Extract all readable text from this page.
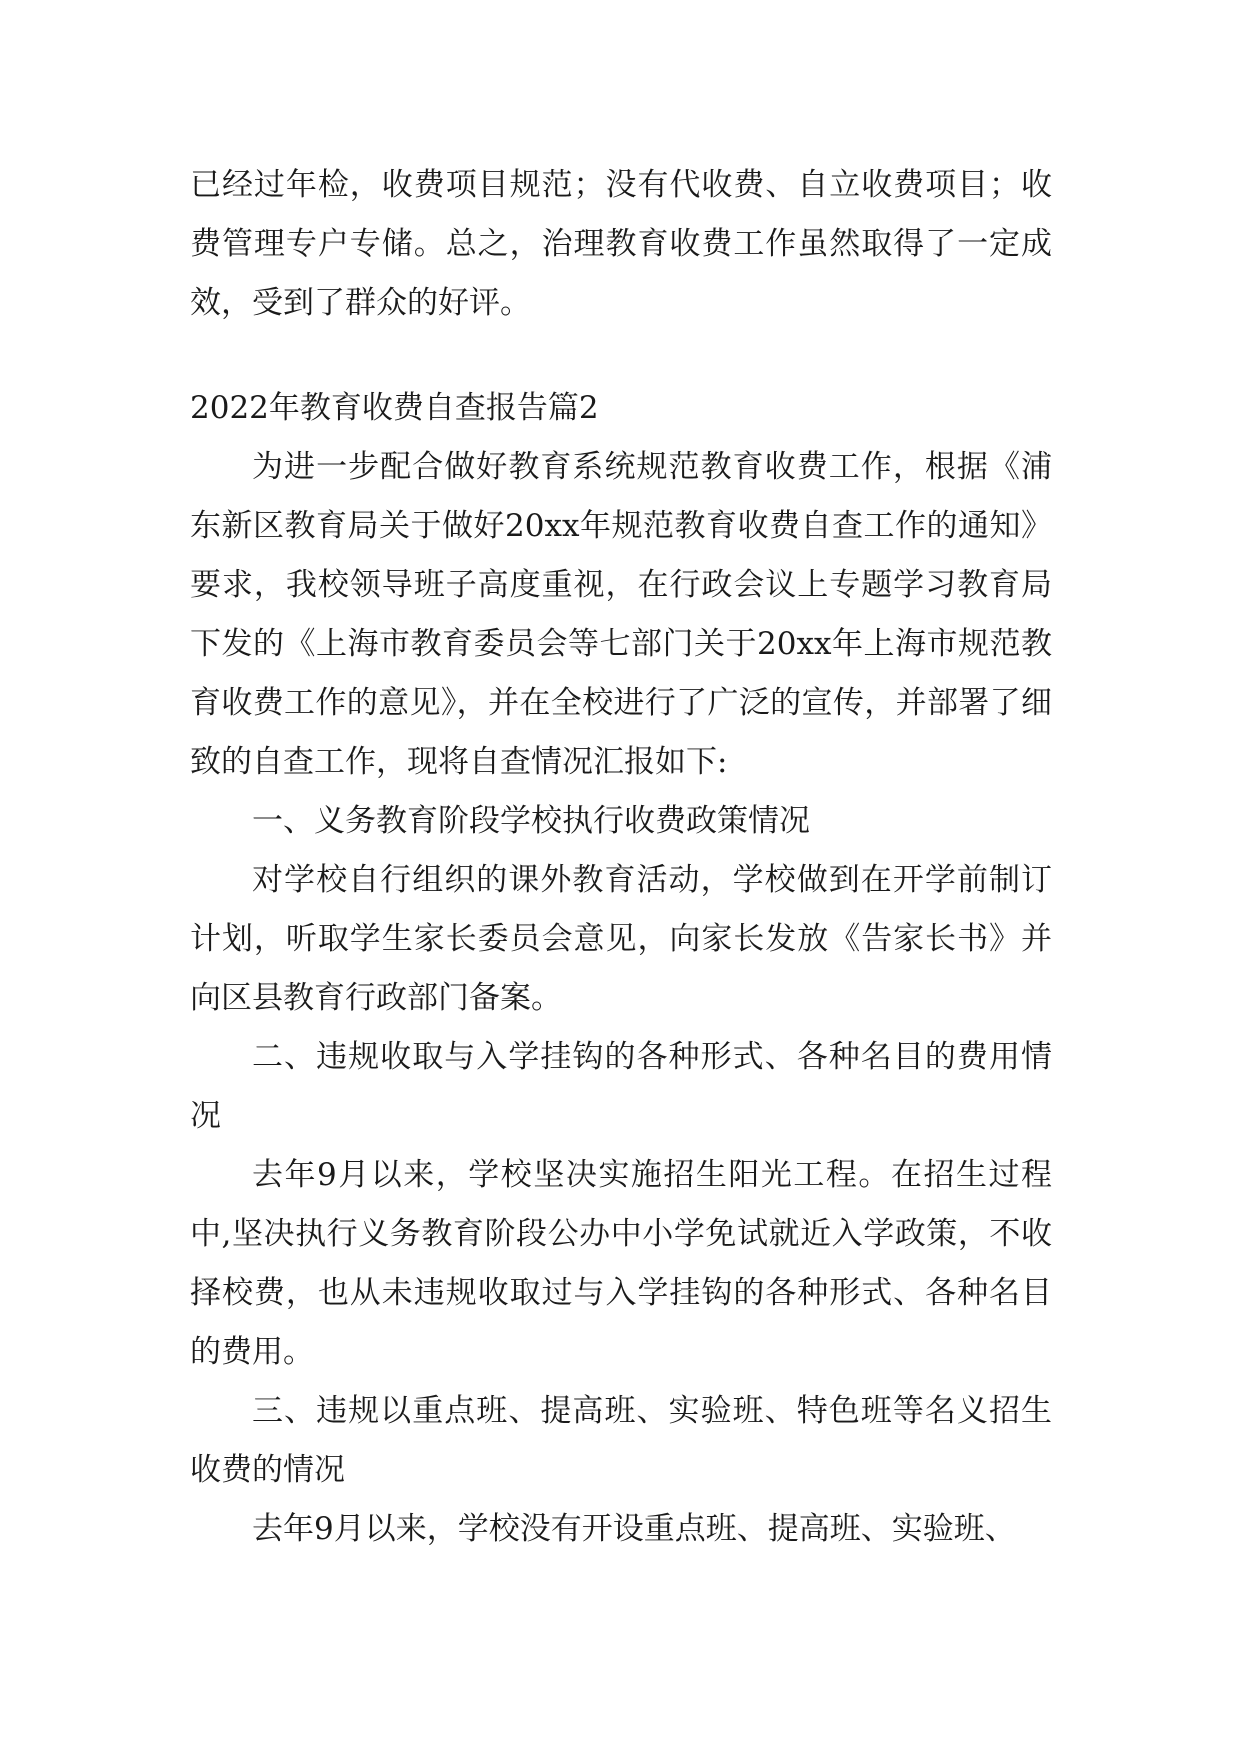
已经过年检，收费项目规范；没有代收费、自立收费项目；收费管理专户专储。总之，治理教育收费工作虽然取得了一定成效，受到了群众的好评。

2022年教育收费自查报告篇2

为进一步配合做好教育系统规范教育收费工作，根据《浦东新区教育局关于做好20xx年规范教育收费自查工作的通知》要求，我校领导班子高度重视，在行政会议上专题学习教育局下发的《上海市教育委员会等七部门关于20xx年上海市规范教育收费工作的意见》，并在全校进行了广泛的宣传，并部署了细致的自查工作，现将自查情况汇报如下:

一、义务教育阶段学校执行收费政策情况

对学校自行组织的课外教育活动，学校做到在开学前制订计划，听取学生家长委员会意见，向家长发放《告家长书》并向区县教育行政部门备案。

二、违规收取与入学挂钩的各种形式、各种名目的费用情况

去年9月以来，学校坚决实施招生阳光工程。在招生过程中,坚决执行义务教育阶段公办中小学免试就近入学政策，不收择校费，也从未违规收取过与入学挂钩的各种形式、各种名目的费用。

三、违规以重点班、提高班、实验班、特色班等名义招生收费的情况

去年9月以来，学校没有开设重点班、提高班、实验班、
